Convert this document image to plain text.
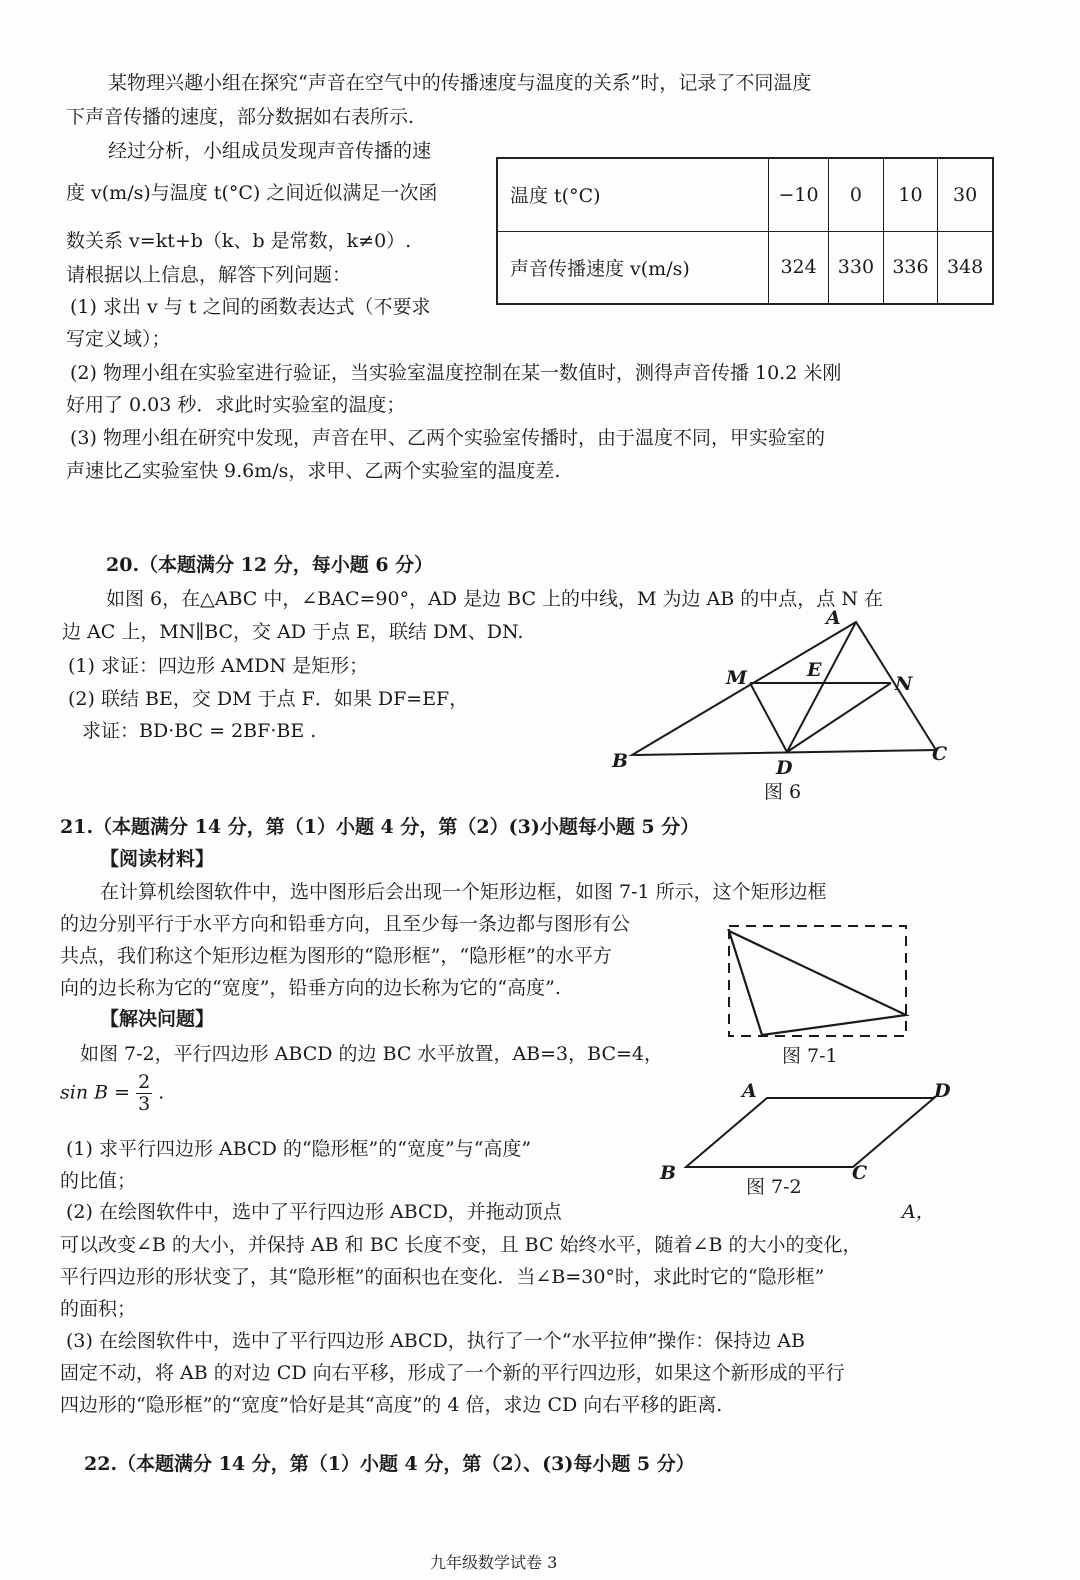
某物理兴趣小组在探究“声音在空气中的传播速度与温度的关系”时，记录了不同温度
下声音传播的速度，部分数据如右表所示.
经过分析，小组成员发现声音传播的速
度 v(m/s)与温度 t(°C) 之间近似满足一次函
数关系 v=kt+b（k、b 是常数，k≠0）.
请根据以上信息，解答下列问题：
(1) 求出 v 与 t 之间的函数表达式（不要求
写定义域）；
(2) 物理小组在实验室进行验证，当实验室温度控制在某一数值时，测得声音传播 10.2 米刚
好用了 0.03 秒．求此时实验室的温度；
(3) 物理小组在研究中发现，声音在甲、乙两个实验室传播时，由于温度不同，甲实验室的
声速比乙实验室快 9.6m/s，求甲、乙两个实验室的温度差.
温度 t(°C)	−10	0	10	30
声音传播速度 v(m/s)	324	330	336	348
20.（本题满分 12 分，每小题 6 分）
如图 6，在△ABC 中，∠BAC=90°，AD 是边 BC 上的中线，M 为边 AB 的中点，点 N 在
边 AC 上，MN∥BC，交 AD 于点 E，联结 DM、DN.
(1) 求证：四边形 AMDN 是矩形；
(2) 联结 BE，交 DM 于点 F．如果 DF=EF，
求证：BD·BC = 2BF·BE .
A
M	E
N
B	D
C
图 6
21.（本题满分 14 分，第（1）小题 4 分，第（2）(3)小题每小题 5 分）
【阅读材料】
在计算机绘图软件中，选中图形后会出现一个矩形边框，如图 7-1 所示，这个矩形边框
的边分别平行于水平方向和铅垂方向，且至少每一条边都与图形有公
共点，我们称这个矩形边框为图形的“隐形框”，“隐形框”的水平方
向的边长称为它的“宽度”，铅垂方向的边长称为它的“高度”.
【解决问题】
如图 7-2，平行四边形 ABCD 的边 BC 水平放置，AB=3，BC=4，
$\sin B = \frac{2}{3}$ .
(1) 求平行四边形 ABCD 的“隐形框”的“宽度”与“高度”
的比值；
(2) 在绘图软件中，选中了平行四边形 ABCD，并拖动顶点	A，
可以改变∠B 的大小，并保持 AB 和 BC 长度不变，且 BC 始终水平，随着∠B 的大小的变化，
平行四边形的形状变了，其“隐形框”的面积也在变化．当∠B=30°时，求此时它的“隐形框”
的面积；
(3) 在绘图软件中，选中了平行四边形 ABCD，执行了一个“水平拉伸”操作：保持边 AB
固定不动，将 AB 的对边 CD 向右平移，形成了一个新的平行四边形，如果这个新形成的平行
四边形的“隐形框”的“宽度”恰好是其“高度”的 4 倍，求边 CD 向右平移的距离.
图 7-1
A	D
B	C
图 7-2
22.（本题满分 14 分，第（1）小题 4 分，第（2）、(3)每小题 5 分）
九年级数学试卷 3
